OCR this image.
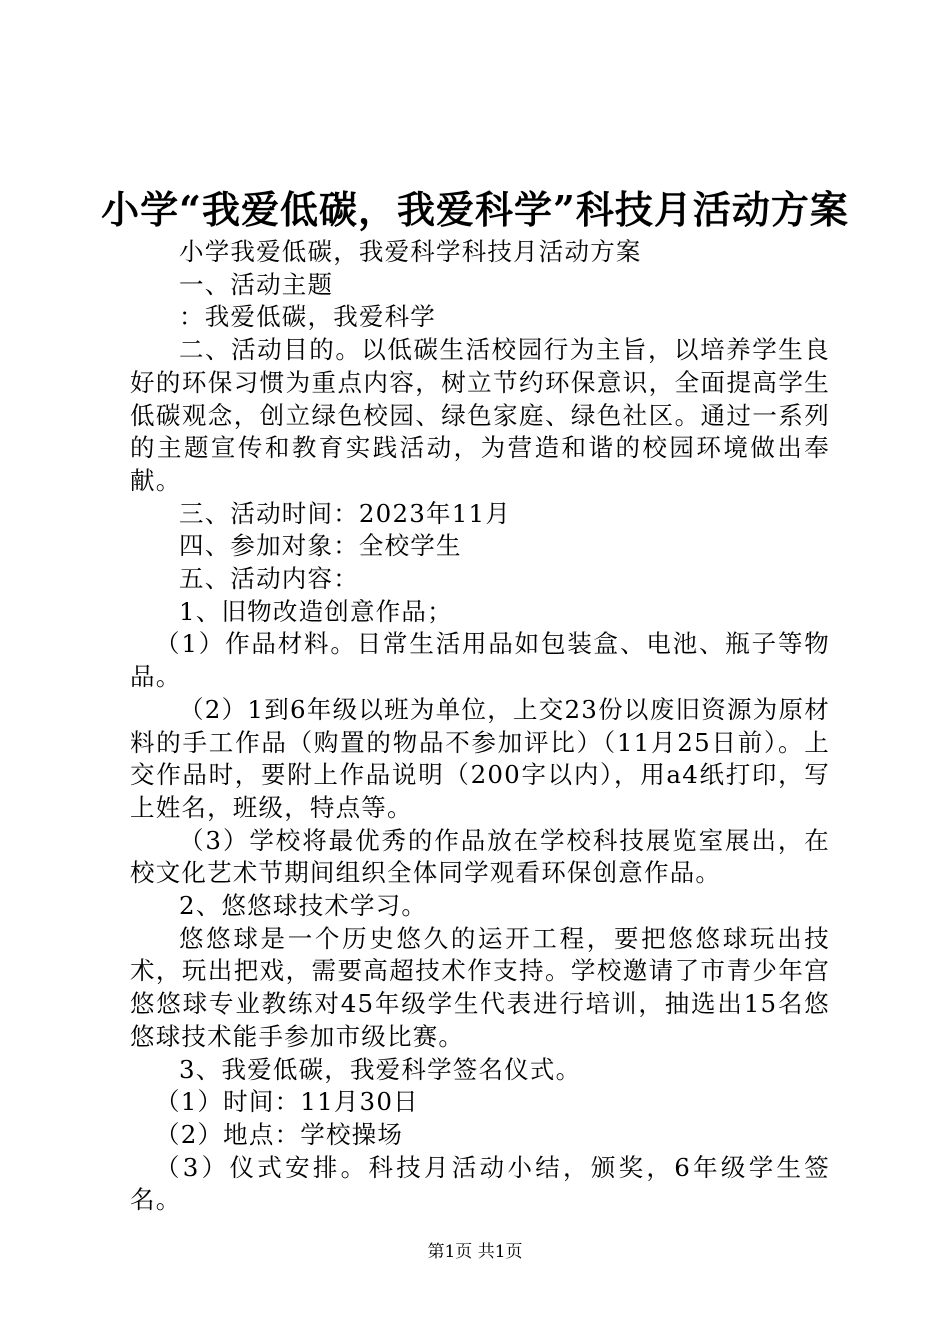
小学“我爱低碳，我爱科学”科技月活动方案

小学我爱低碳，我爱科学科技月活动方案

一、活动主题

：我爱低碳，我爱科学

二、活动目的。以低碳生活校园行为主旨，以培养学生良好的环保习惯为重点内容，树立节约环保意识，全面提高学生低碳观念，创立绿色校园、绿色家庭、绿色社区。通过一系列的主题宣传和教育实践活动，为营造和谐的校园环境做出奉献。

三、活动时间：2023年11月

四、参加对象：全校学生

五、活动内容：

1、旧物改造创意作品；

（1）作品材料。日常生活用品如包装盒、电池、瓶子等物品。

（2）1到6年级以班为单位，上交23份以废旧资源为原材料的手工作品（购置的物品不参加评比）（11月25日前）。上交作品时，要附上作品说明（200字以内），用a4纸打印，写上姓名，班级，特点等。

（3）学校将最优秀的作品放在学校科技展览室展出，在校文化艺术节期间组织全体同学观看环保创意作品。

2、悠悠球技术学习。

悠悠球是一个历史悠久的运开工程，要把悠悠球玩出技术，玩出把戏，需要高超技术作支持。学校邀请了市青少年宫悠悠球专业教练对45年级学生代表进行培训，抽选出15名悠悠球技术能手参加市级比赛。

3、我爱低碳，我爱科学签名仪式。

（1）时间：11月30日

（2）地点：学校操场

（3）仪式安排。科技月活动小结，颁奖，6年级学生签名。

第1页 共1页
